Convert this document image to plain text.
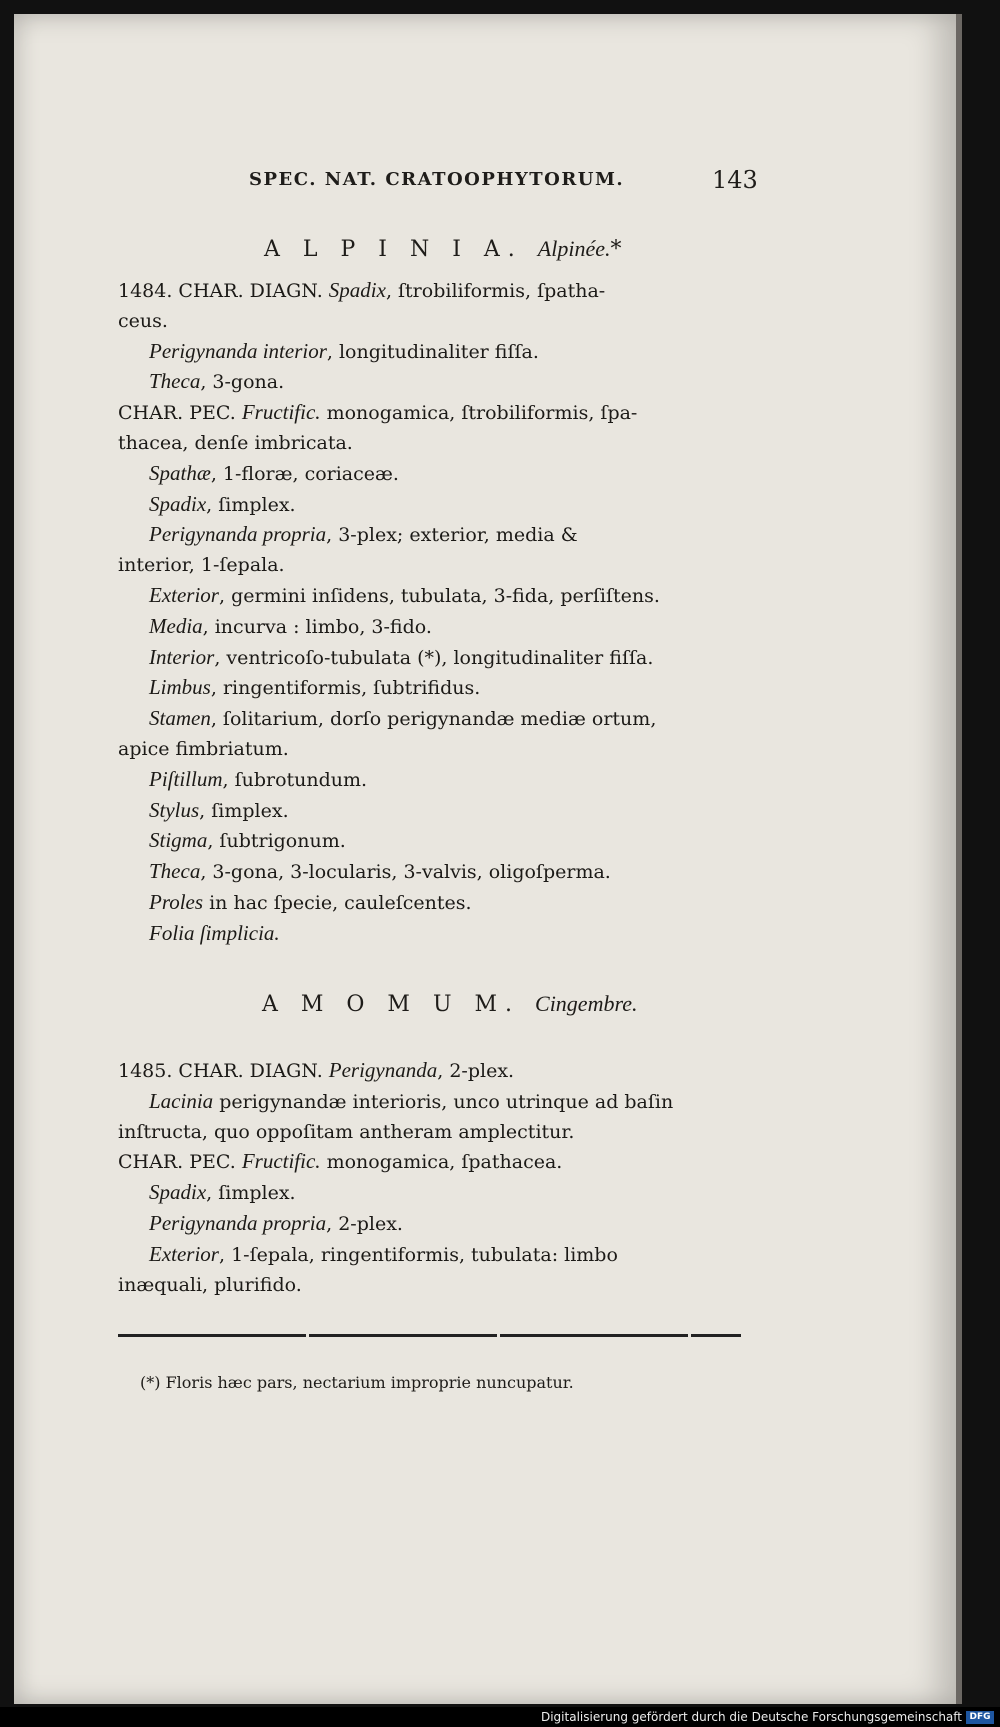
SPEC. NAT. CRATOOPHYTORUM.	143
A L P I N I A. Alpinée.*

1484. CHAR. DIAGN. Spadix, ſtrobiliformis, ſpatha-

ceus.

Perigynanda interior, longitudinaliter fiſſa.

Theca, 3-gona.

CHAR. PEC. Fructific. monogamica, ſtrobiliformis, ſpa-

thacea, denſe imbricata.

Spathæ, 1-floræ, coriaceæ.

Spadix, ſimplex.

Perigynanda propria, 3-plex; exterior, media &

interior, 1-ſepala.

Exterior, germini inſidens, tubulata, 3-fida, perſiſtens.

Media, incurva : limbo, 3-fido.

Interior, ventricoſo-tubulata (*), longitudinaliter fiſſa.

Limbus, ringentiformis, ſubtrifidus.

Stamen, ſolitarium, dorſo perigynandæ mediæ ortum,

apice fimbriatum.

Piſtillum, ſubrotundum.

Stylus, ſimplex.

Stigma, ſubtrigonum.

Theca, 3-gona, 3-locularis, 3-valvis, oligoſperma.

Proles in hac ſpecie, cauleſcentes.

Folia ſimplicia.

A M O M U M. Cingembre.

1485. CHAR. DIAGN. Perigynanda, 2-plex.

Lacinia perigynandæ interioris, unco utrinque ad baſin

inſtructa, quo oppoſitam antheram amplectitur.

CHAR. PEC. Fructific. monogamica, ſpathacea.

Spadix, ſimplex.

Perigynanda propria, 2-plex.

Exterior, 1-ſepala, ringentiformis, tubulata: limbo

inæquali, plurifido.

(*) Floris hæc pars, nectarium improprie nuncupatur.
Digitalisierung gefördert durch die Deutsche Forschungsgemeinschaft DFG
